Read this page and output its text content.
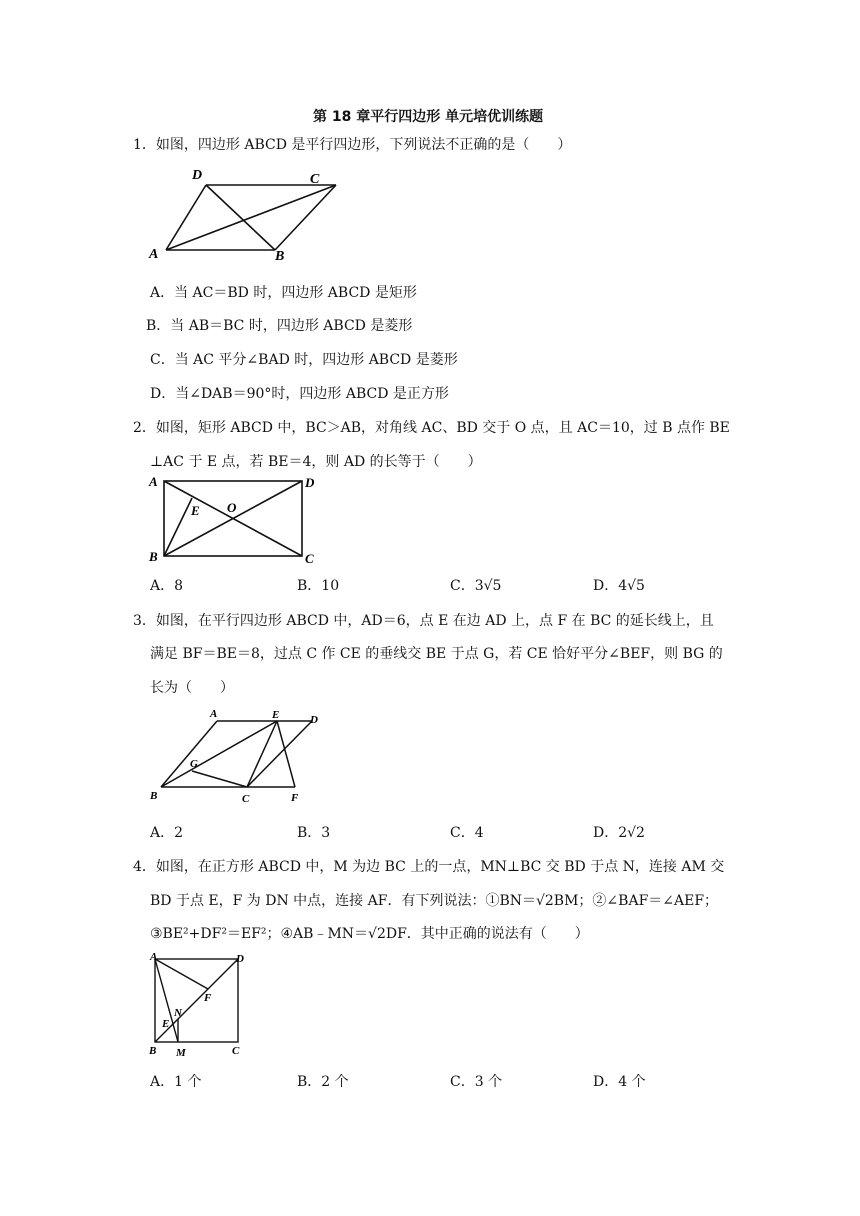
第 18 章平行四边形 单元培优训练题
1．如图，四边形 ABCD 是平行四边形，下列说法不正确的是（　　）
A	B
C
D
A．当 AC＝BD 时，四边形 ABCD 是矩形
B．当 AB＝BC 时，四边形 ABCD 是菱形
C．当 AC 平分∠BAD 时，四边形 ABCD 是菱形
D．当∠DAB＝90°时，四边形 ABCD 是正方形
2．如图，矩形 ABCD 中，BC＞AB，对角线 AC、BD 交于 O 点，且 AC＝10，过 B 点作 BE
⊥AC 于 E 点，若 BE＝4，则 AD 的长等于（　　）
A
B	C
D
E O
A．8	B．10	C．3√5	D．4√5
3．如图，在平行四边形 ABCD 中，AD＝6，点 E 在边 AD 上，点 F 在 BC 的延长线上，且
满足 BF＝BE＝8，过点 C 作 CE 的垂线交 BE 于点 G，若 CE 恰好平分∠BEF，则 BG 的
长为（　　）
A
B	C
D
E
F
G
A．2	B．3	C．4	D．2√2
4．如图，在正方形 ABCD 中，M 为边 BC 上的一点，MN⊥BC 交 BD 于点 N，连接 AM 交
BD 于点 E，F 为 DN 中点，连接 AF．有下列说法：①BN＝√2BM；②∠BAF＝∠AEF；
③BE²+DF²＝EF²；④AB﹣MN＝√2DF．其中正确的说法有（　　）
A
B	C
D
E
F
M
N
A．1 个	B．2 个	C．3 个	D．4 个
